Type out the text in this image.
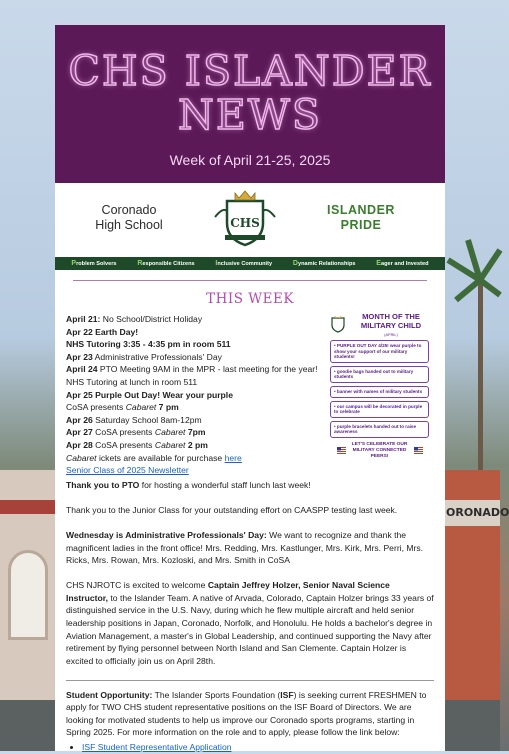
ORONADO
CHS ISLANDER NEWS
Week of April 21-25, 2025
Coronado
High School	CHS
ISLANDER
PRIDE
Problem Solvers	Responsible Citizens	Inclusive Community	Dynamic Relationships	Eager and Invested
THIS WEEK
April 21: No School/District Holiday
Apr 22 Earth Day!
NHS Tutoring 3:35 - 4:35 pm in room 511
Apr 23 Administrative Professionals' Day
April 24 PTO Meeting 9AM in the MPR - last meeting for the year!
NHS Tutoring at lunch in room 511
Apr 25 Purple Out Day! Wear your purple
CoSA presents Cabaret 7 pm
Apr 26 Saturday School 8am-12pm
Apr 27 CoSA presents Cabaret 7pm
Apr 28 CoSA presents Cabaret 2 pm
Cabaret ickets are available for purchase here
Senior Class of 2025 Newsletter
MONTH OF THE MILITARY CHILD
(APRIL)
• PURPLE OUT DAY 4/25! wear purple to show your support of our military students!
• goodie bags handed out to military students
• banner with names of military students
• our campus will be decorated in purple to celebrate
• purple bracelets handed out to raise awareness
LET'S CELEBRATE OUR MILITARY CONNECTED PEERS!

Thank you to PTO for hosting a wonderful staff lunch last week!

Thank you to the Junior Class for your outstanding effort on CAASPP testing last week.

Wednesday is Administrative Professionals' Day: We want to recognize and thank the magnificent ladies in the front office! Mrs. Redding, Mrs. Kastlunger, Mrs. Kirk, Mrs. Perri, Mrs. Ricks, Mrs. Rowan, Mrs. Kozloski, and Mrs. Smith in CoSA

CHS NJROTC is excited to welcome Captain Jeffrey Holzer, Senior Naval Science Instructor, to the Islander Team. A native of Arvada, Colorado, Captain Holzer brings 33 years of distinguished service in the U.S. Navy, during which he flew multiple aircraft and held senior leadership positions in Japan, Coronado, Norfolk, and Honolulu. He holds a bachelor's degree in Aviation Management, a master's in Global Leadership, and continued supporting the Navy after retirement by flying personnel between North Island and San Clemente. Captain Holzer is excited to officially join us on April 28th.

Student Opportunity: The Islander Sports Foundation (ISF) is seeking current FRESHMEN to apply for TWO CHS student representative positions on the ISF Board of Directors. We are looking for motivated students to help us improve our Coronado sports programs, starting in Spring 2025. For more information on the role and to apply, please follow the link below:

• ISF Student Representative Application
